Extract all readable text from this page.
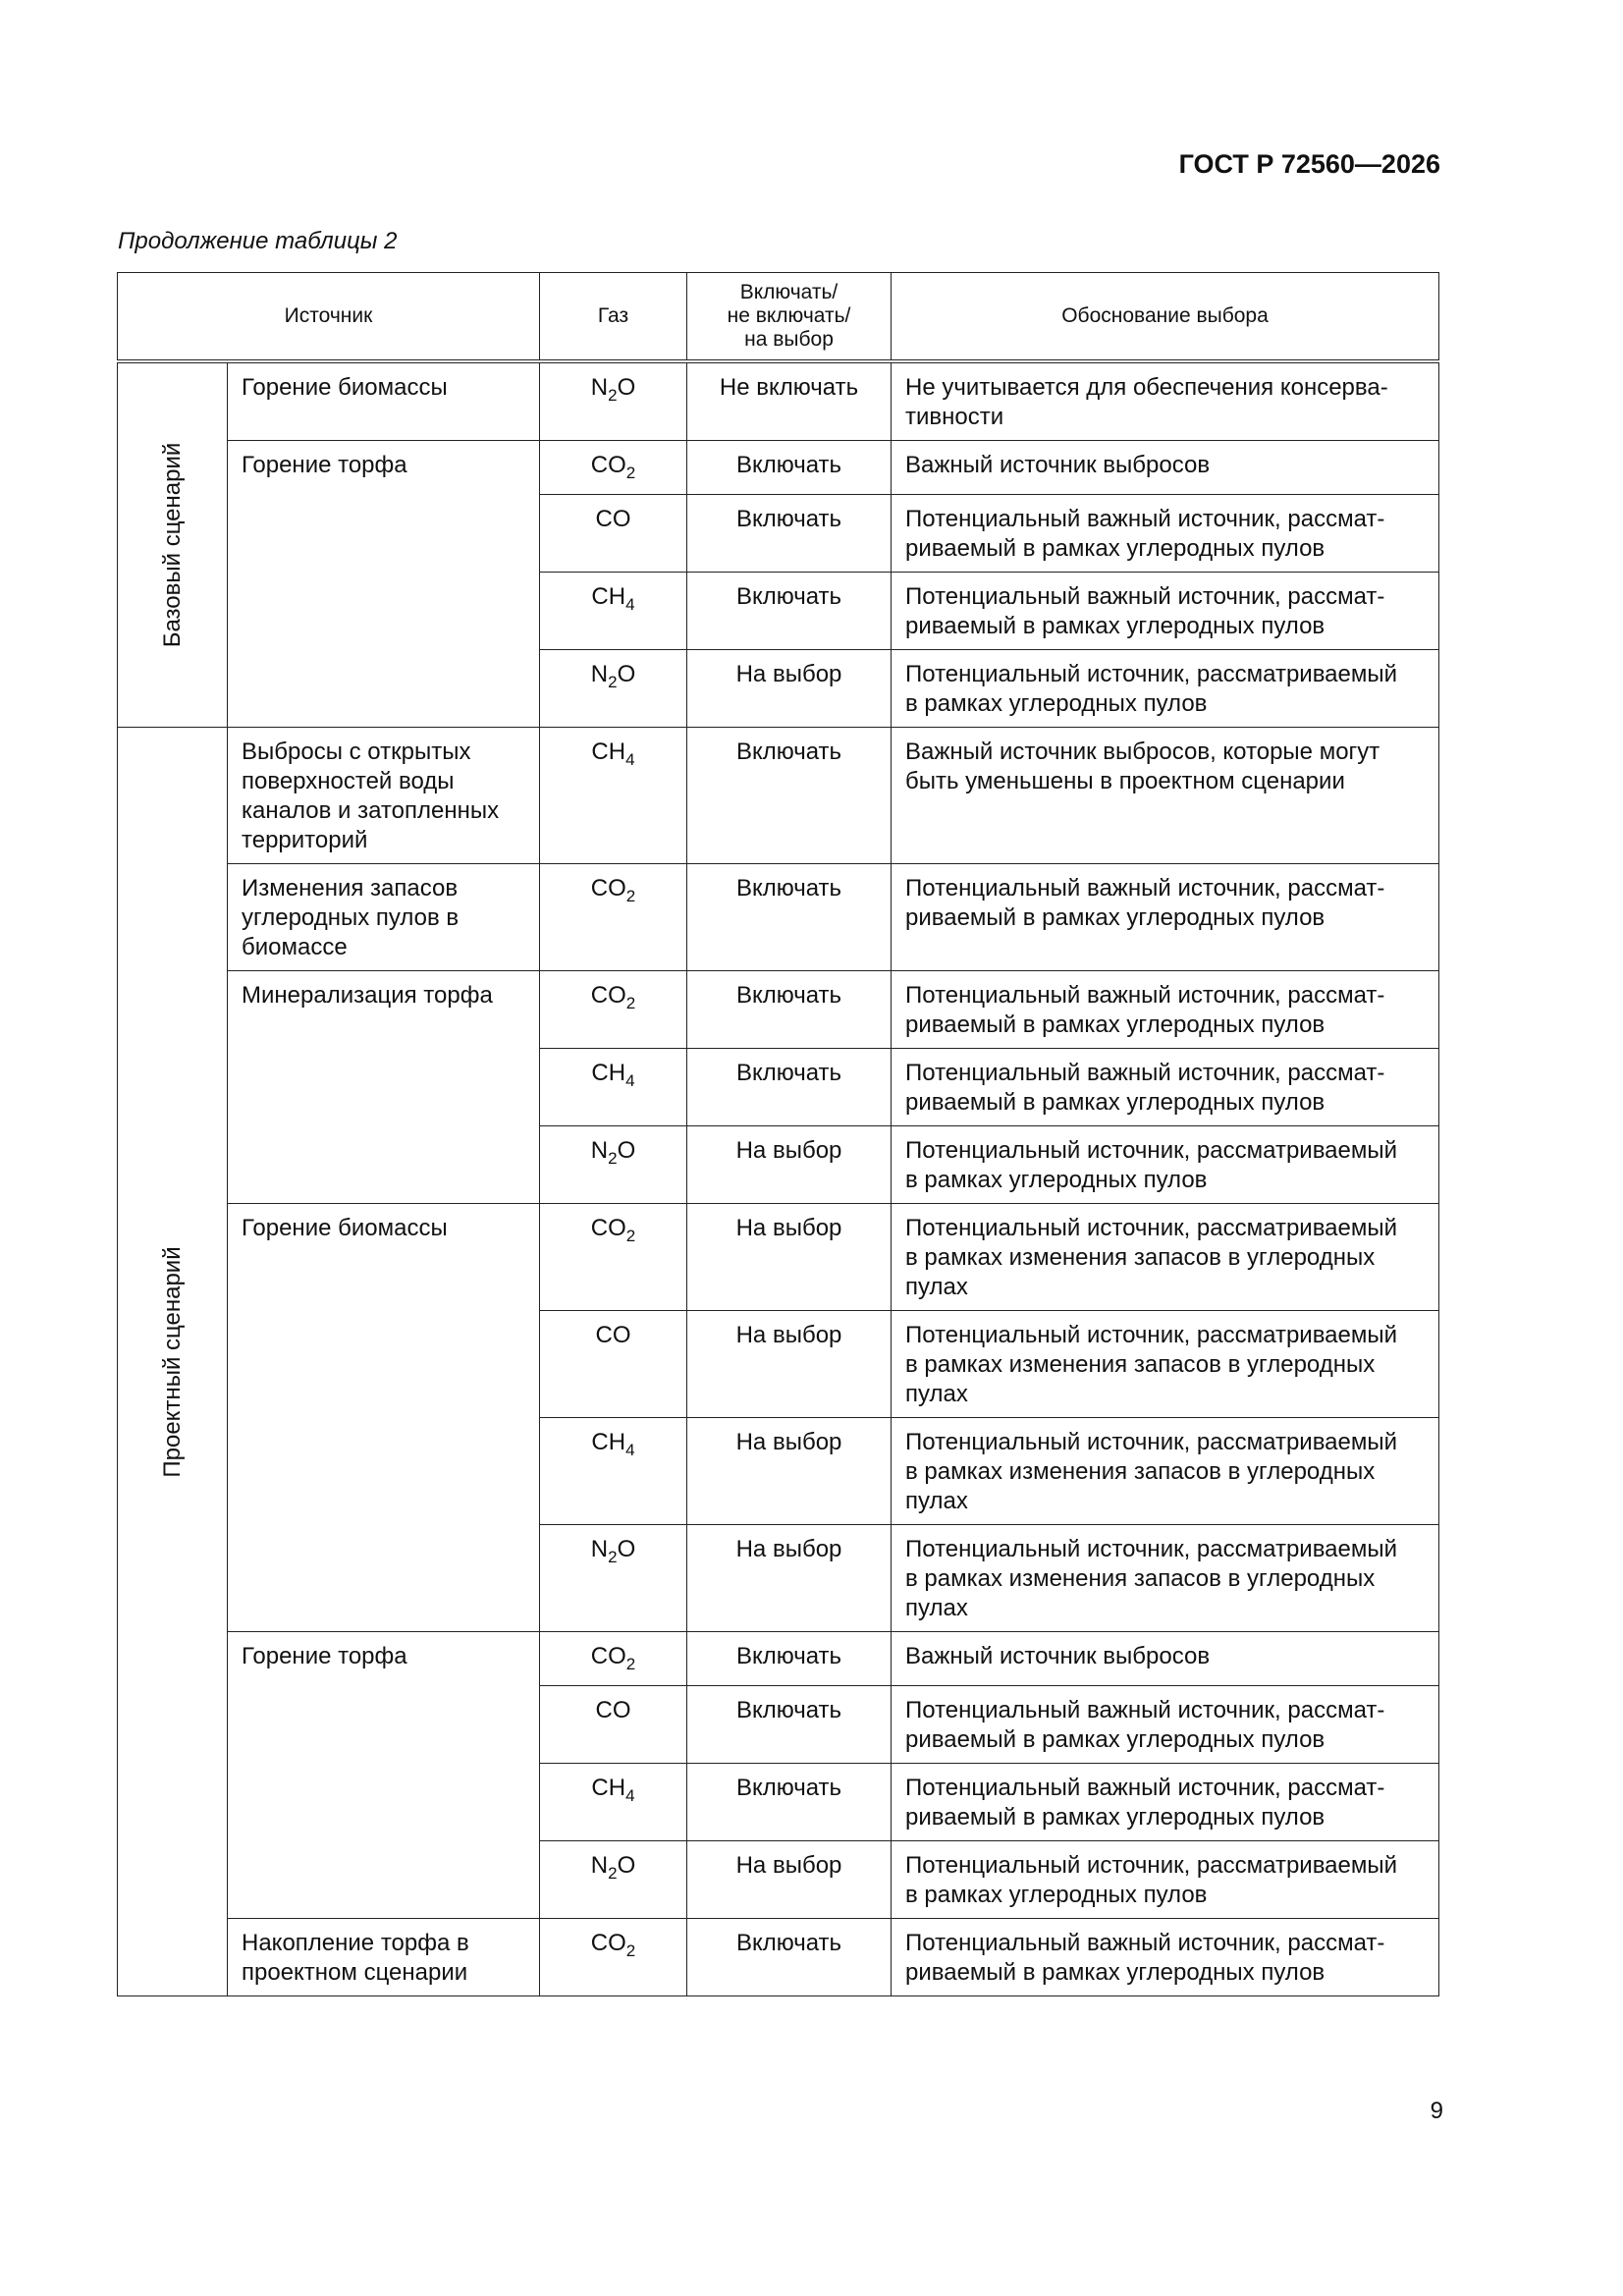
ГОСТ Р 72560—2026
Продолжение таблицы 2
Источник		Газ	Включать/
не включать/
на выбор	Обоснование выбора

Базовый сценарий	Горение биомассы	$N_2O$	Не включать	Не учитывается для обеспечения консерва-
тивности
	Горение торфа	$CO_2$	Включать	Важный источник выбросов
		CO	Включать	Потенциальный важный источник, рассмат-
риваемый в рамках углеродных пулов
		$CH_4$	Включать	Потенциальный важный источник, рассмат-
риваемый в рамках углеродных пулов
		$N_2O$	На выбор	Потенциальный источник, рассматриваемый
в рамках углеродных пулов

Проектный сценарий	Выбросы с открытых
поверхностей воды
каналов и затопленных
территорий	$CH_4$	Включать	Важный источник выбросов, которые могут
быть уменьшены в проектном сценарии
	Изменения запасов
углеродных пулов в
биомассе	$CO_2$	Включать	Потенциальный важный источник, рассмат-
риваемый в рамках углеродных пулов
	Минерализация торфа	$CO_2$	Включать	Потенциальный важный источник, рассмат-
риваемый в рамках углеродных пулов
		$CH_4$	Включать	Потенциальный важный источник, рассмат-
риваемый в рамках углеродных пулов
		$N_2O$	На выбор	Потенциальный источник, рассматриваемый
в рамках углеродных пулов
	Горение биомассы	$CO_2$	На выбор	Потенциальный источник, рассматриваемый
в рамках изменения запасов в углеродных
пулах
		CO	На выбор	Потенциальный источник, рассматриваемый
в рамках изменения запасов в углеродных
пулах
		$CH_4$	На выбор	Потенциальный источник, рассматриваемый
в рамках изменения запасов в углеродных
пулах
		$N_2O$	На выбор	Потенциальный источник, рассматриваемый
в рамках изменения запасов в углеродных
пулах
	Горение торфа	$CO_2$	Включать	Важный источник выбросов
		CO	Включать	Потенциальный важный источник, рассмат-
риваемый в рамках углеродных пулов
		$CH_4$	Включать	Потенциальный важный источник, рассмат-
риваемый в рамках углеродных пулов
		$N_2O$	На выбор	Потенциальный источник, рассматриваемый
в рамках углеродных пулов
	Накопление торфа в
проектном сценарии	$CO_2$	Включать	Потенциальный важный источник, рассмат-
риваемый в рамках углеродных пулов
9
